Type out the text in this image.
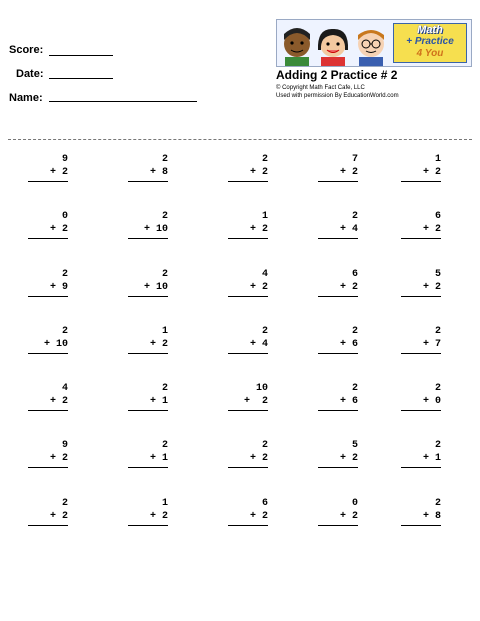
Score:
Date:
Name:
Math
+ Practice
4 You
Adding 2 Practice # 2
© Copyright Math Fact Cafe, LLC
Used with permission By EducationWorld.com
9
+ 2
2
+ 8
2
+ 2
7
+ 2
1
+ 2
0
+ 2
2
+ 10
1
+ 2
2
+ 4
6
+ 2
2
+ 9
2
+ 10
4
+ 2
6
+ 2
5
+ 2
2
+ 10
1
+ 2
2
+ 4
2
+ 6
2
+ 7
4
+ 2
2
+ 1
10
+  2
2
+ 6
2
+ 0
9
+ 2
2
+ 1
2
+ 2
5
+ 2
2
+ 1
2
+ 2
1
+ 2
6
+ 2
0
+ 2
2
+ 8
